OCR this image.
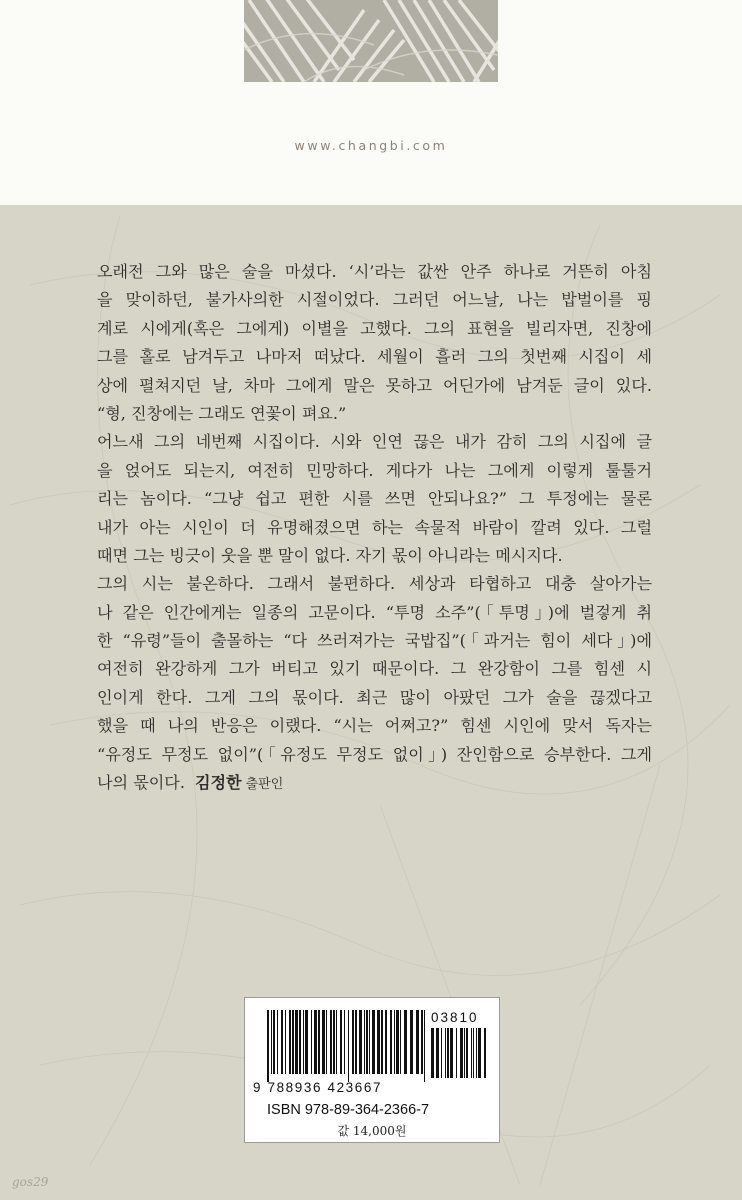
www.changbi.com
오래전 그와 많은 술을 마셨다. ‘시’라는 값싼 안주 하나로 거뜬히 아침
을 맞이하던, 불가사의한 시절이었다. 그러던 어느날, 나는 밥벌이를 핑
계로 시에게(혹은 그에게) 이별을 고했다. 그의 표현을 빌리자면, 진창에
그를 홀로 남겨두고 나마저 떠났다. 세월이 흘러 그의 첫번째 시집이 세
상에 펼쳐지던 날, 차마 그에게 말은 못하고 어딘가에 남겨둔 글이 있다.
“형, 진창에는 그래도 연꽃이 펴요.”
어느새 그의 네번째 시집이다. 시와 인연 끊은 내가 감히 그의 시집에 글
을 얹어도 되는지, 여전히 민망하다. 게다가 나는 그에게 이렇게 툴툴거
리는 놈이다. “그냥 쉽고 편한 시를 쓰면 안되나요?” 그 투정에는 물론
내가 아는 시인이 더 유명해졌으면 하는 속물적 바람이 깔려 있다. 그럴
때면 그는 빙긋이 웃을 뿐 말이 없다. 자기 몫이 아니라는 메시지다.
그의 시는 불온하다. 그래서 불편하다. 세상과 타협하고 대충 살아가는
나 같은 인간에게는 일종의 고문이다. “투명 소주”(「투명」)에 벌겋게 취
한 “유령”들이 출몰하는 “다 쓰러져가는 국밥집”(「과거는 힘이 세다」)에
여전히 완강하게 그가 버티고 있기 때문이다. 그 완강함이 그를 힘센 시
인이게 한다. 그게 그의 몫이다. 최근 많이 아팠던 그가 술을 끊겠다고
했을 때 나의 반응은 이랬다. “시는 어쩌고?” 힘센 시인에 맞서 독자는
“유정도 무정도 없이”(「유정도 무정도 없이」) 잔인함으로 승부한다. 그게
나의 몫이다. 김정한 출판인
03810
9 788936 423667
ISBN 978-89-364-2366-7
값 14,000원
gos29
